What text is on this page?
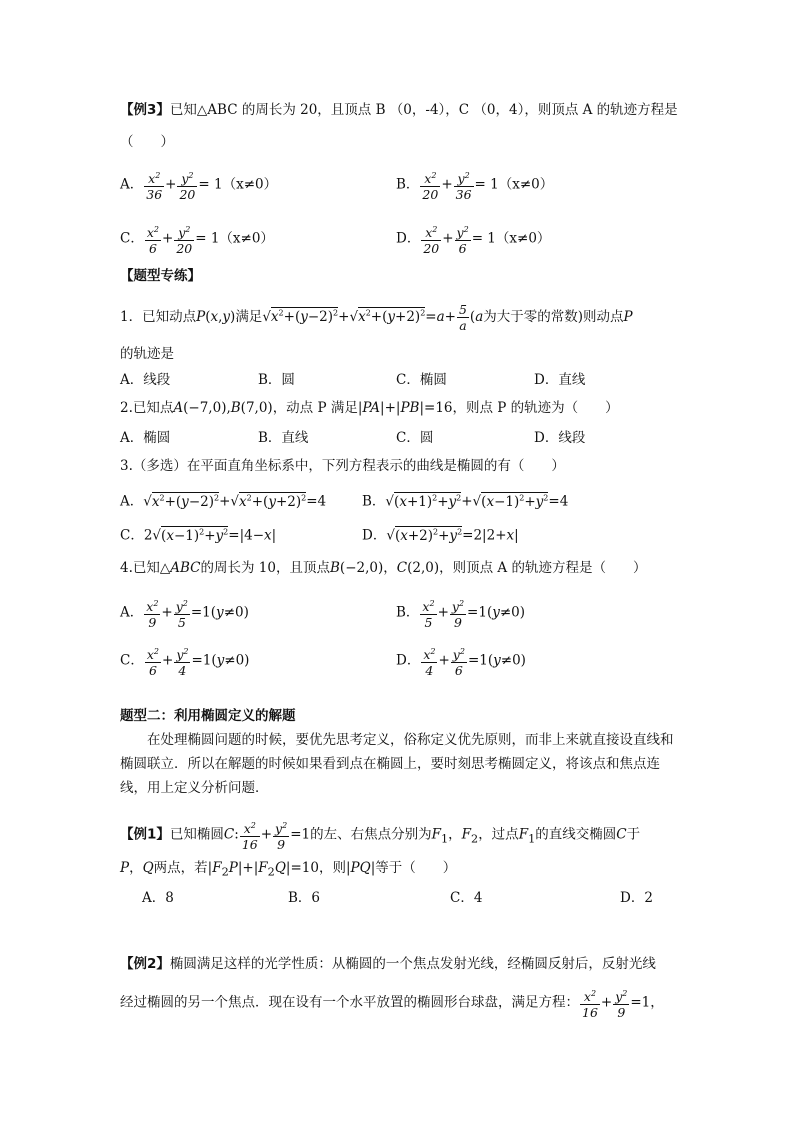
【例3】已知△ABC 的周长为 20，且顶点 B （0，-4），C （0，4），则顶点 A 的轨迹方程是
（　　）
A． $\frac{x^2}{36} + \frac{y^2}{20} = 1(x\ne 0)$	B． $\frac{x^2}{20} + \frac{y^2}{36} = 1(x\ne 0)$
C． $\frac{x^2}{6} + \frac{y^2}{20} = 1(x\ne 0)$	D． $\frac{x^2}{20} + \frac{y^2}{6} = 1(x\ne 0)$
【题型专练】
1．已知动点P(x,y)满足$√x^2+(y-2)^2+√x^2+(y+2)^2=a+ \frac{5}{a} (a$为大于零的常数)则动点P
的轨迹是
A．线段	B．圆	C．椭圆	D．直线
2.已知点A(−7,0),B(7,0)，动点 P 满足|PA|+|PB|=16，则点 P 的轨迹为（　　）
A．椭圆	B．直线	C．圆	D．线段
3.（多选）在平面直角坐标系中，下列方程表示的曲线是椭圆的有（　　）
A．$√x^2+(y-2)^2+√x^2+(y+2)^2=4$	B．$√(x+1)^2+y^2+√(x-1)^2+y^2=4$
C．$2√(x-1)^2+y^2=|4-x|$	D．$√(x+2)^2+y^2=2|2+x|$
4.已知△ABC的周长为 10，且顶点B(−2,0)，C(2,0)，则顶点 A 的轨迹方程是（　　）
A． $\frac{x^2}{9} + \frac{y^2}{5} =1(y\ne 0)$	B． $\frac{x^2}{5} + \frac{y^2}{9} =1(y\ne 0)$
C． $\frac{x^2}{6} + \frac{y^2}{4} =1(y\ne 0)$	D． $\frac{x^2}{4} + \frac{y^2}{6} =1(y\ne 0)$
题型二：利用椭圆定义的解题
在处理椭圆问题的时候，要优先思考定义，俗称定义优先原则，而非上来就直接设直线和椭圆联立．所以在解题的时候如果看到点在椭圆上，要时刻思考椭圆定义，将该点和焦点连线，用上定义分析问题．
【例1】已知椭圆C: $\frac{x^2}{16} + \frac{y^2}{9} =1$的左、右焦点分别为$F_1$，$F_2$，过点$F_1$的直线交椭圆C于
P，Q两点，若$|F_2P|+|F_2Q|=10$，则|PQ|等于（　　）
A．8	B．6	C．4	D．2
【例2】椭圆满足这样的光学性质：从椭圆的一个焦点发射光线，经椭圆反射后，反射光线
经过椭圆的另一个焦点．现在设有一个水平放置的椭圆形台球盘，满足方程： $\frac{x^2}{16} + \frac{y^2}{9} =1$，
